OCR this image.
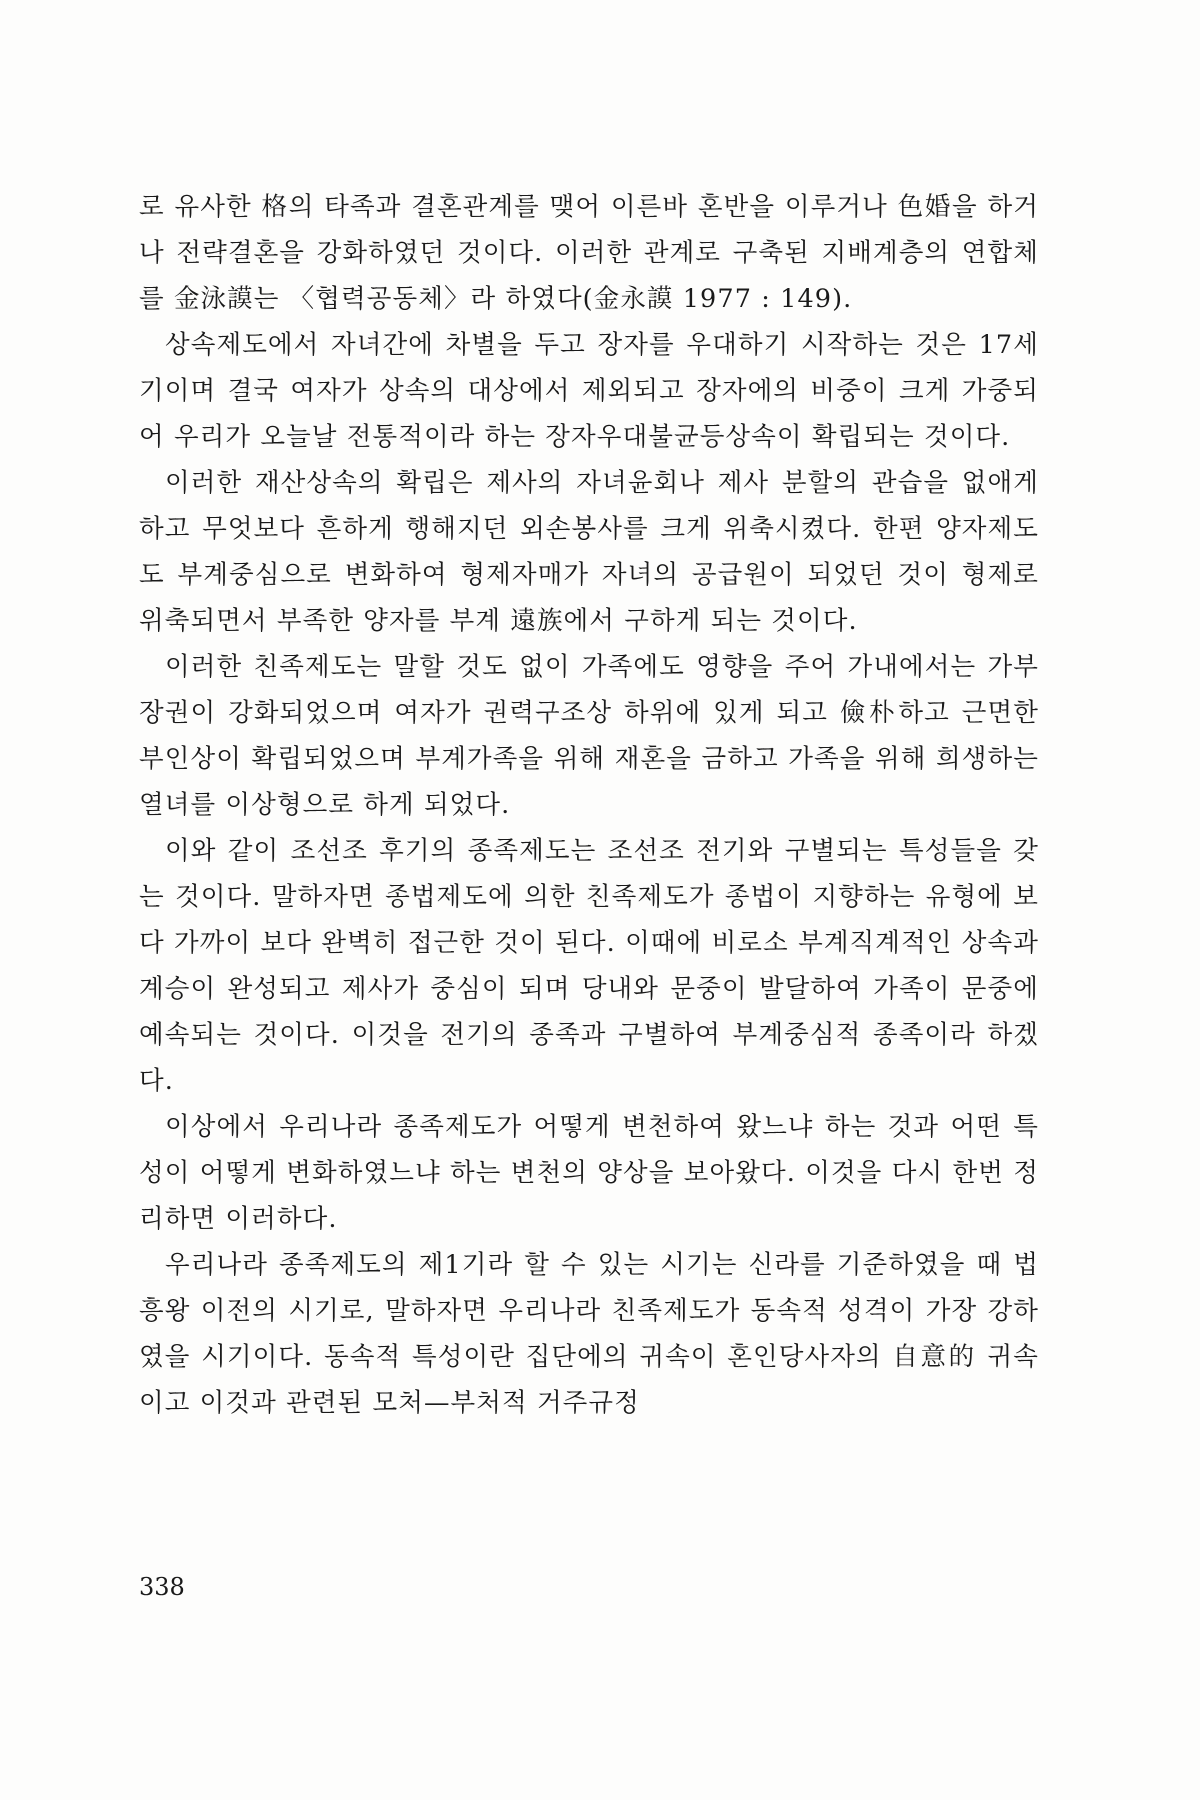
로 유사한 格의 타족과 결혼관계를 맺어 이른바 혼반을 이루거나 色婚을 하거나 전략결혼을 강화하였던 것이다. 이러한 관계로 구축된 지배계층의 연합체를 金泳謨는 〈협력공동체〉라 하였다(金永謨 1977 : 149).

상속제도에서 자녀간에 차별을 두고 장자를 우대하기 시작하는 것은 17세기이며 결국 여자가 상속의 대상에서 제외되고 장자에의 비중이 크게 가중되어 우리가 오늘날 전통적이라 하는 장자우대불균등상속이 확립되는 것이다.

이러한 재산상속의 확립은 제사의 자녀윤회나 제사 분할의 관습을 없애게 하고 무엇보다 흔하게 행해지던 외손봉사를 크게 위축시켰다. 한편 양자제도도 부계중심으로 변화하여 형제자매가 자녀의 공급원이 되었던 것이 형제로 위축되면서 부족한 양자를 부계 遠族에서 구하게 되는 것이다.

이러한 친족제도는 말할 것도 없이 가족에도 영향을 주어 가내에서는 가부장권이 강화되었으며 여자가 권력구조상 하위에 있게 되고 儉朴하고 근면한 부인상이 확립되었으며 부계가족을 위해 재혼을 금하고 가족을 위해 희생하는 열녀를 이상형으로 하게 되었다.

이와 같이 조선조 후기의 종족제도는 조선조 전기와 구별되는 특성들을 갖는 것이다. 말하자면 종법제도에 의한 친족제도가 종법이 지향하는 유형에 보다 가까이 보다 완벽히 접근한 것이 된다. 이때에 비로소 부계직계적인 상속과 계승이 완성되고 제사가 중심이 되며 당내와 문중이 발달하여 가족이 문중에 예속되는 것이다. 이것을 전기의 종족과 구별하여 부계중심적 종족이라 하겠다.

이상에서 우리나라 종족제도가 어떻게 변천하여 왔느냐 하는 것과 어떤 특성이 어떻게 변화하였느냐 하는 변천의 양상을 보아왔다. 이것을 다시 한번 정리하면 이러하다.

우리나라 종족제도의 제1기라 할 수 있는 시기는 신라를 기준하였을 때 법흥왕 이전의 시기로, 말하자면 우리나라 친족제도가 동속적 성격이 가장 강하였을 시기이다. 동속적 특성이란 집단에의 귀속이 혼인당사자의 自意的 귀속이고 이것과 관련된 모처—부처적 거주규정

338
